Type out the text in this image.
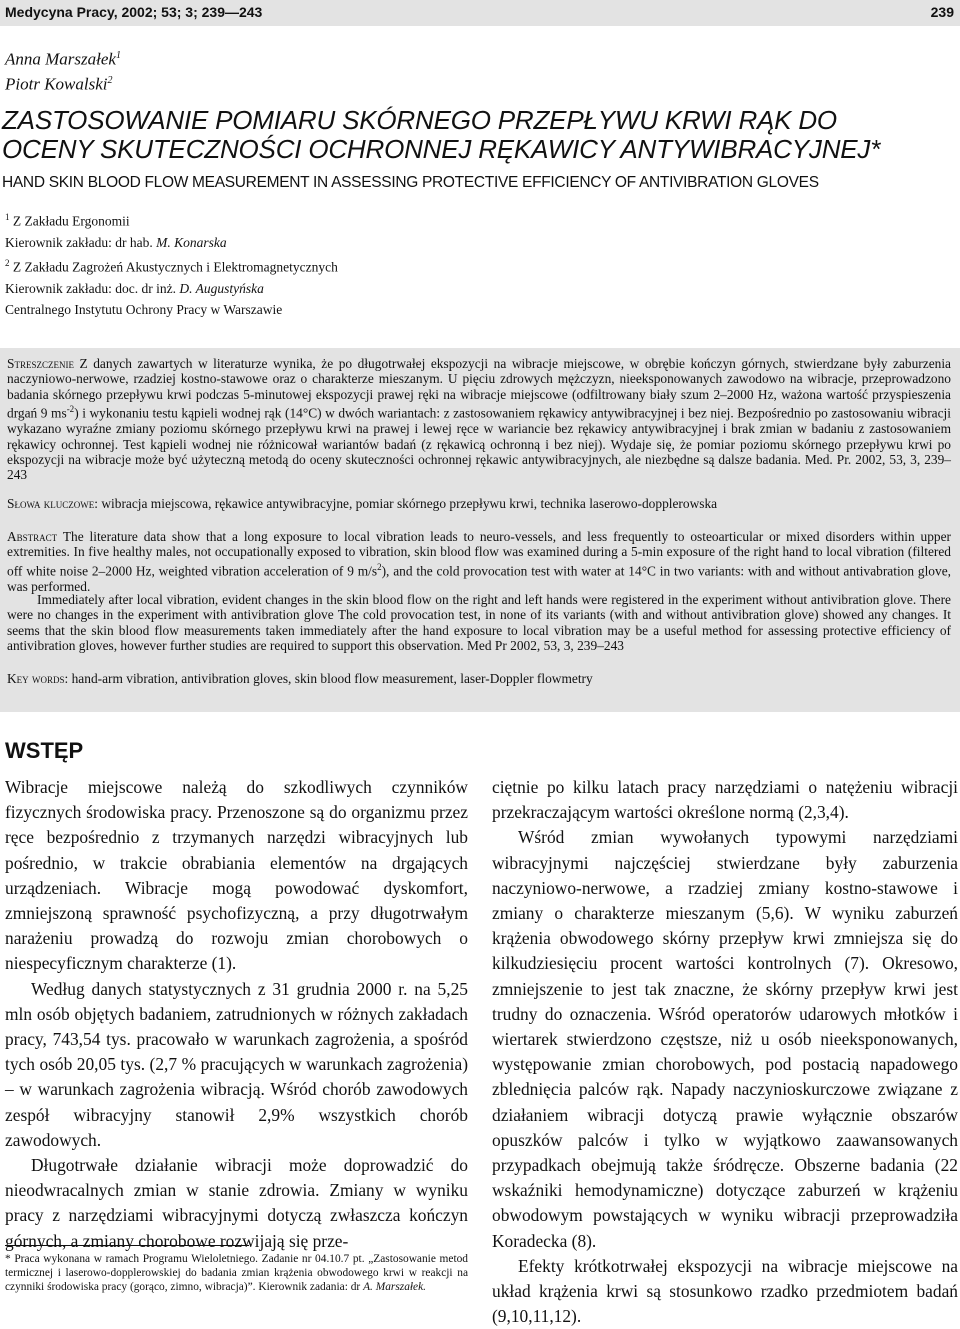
Medycyna Pracy, 2002; 53; 3; 239—243	239
Anna Marszałek$^1$
Piotr Kowalski$^2$
ZASTOSOWANIE POMIARU SKÓRNEGO PRZEPŁYWU KRWI RĄK DO
OCENY SKUTECZNOŚCI OCHRONNEJ RĘKAWICY ANTYWIBRACYJNEJ*
HAND SKIN BLOOD FLOW MEASUREMENT IN ASSESSING PROTECTIVE EFFICIENCY OF ANTIVIBRATION GLOVES
$^1$ Z Zakładu Ergonomii
Kierownik zakładu: dr hab. M. Konarska
$^2$ Z Zakładu Zagrożeń Akustycznych i Elektromagnetycznych
Kierownik zakładu: doc. dr inż. D. Augustyńska
Centralnego Instytutu Ochrony Pracy w Warszawie

Streszczenie Z danych zawartych w literaturze wynika, że po długotrwałej ekspozycji na wibracje miejscowe, w obrębie kończyn górnych, stwierdzane były zaburzenia naczyniowo-nerwowe, rzadziej kostno-stawowe oraz o charakterze mieszanym. U pięciu zdrowych mężczyzn, nieeksponowanych zawodowo na wibracje, przeprowadzono badania skórnego przepływu krwi podczas 5-minutowej ekspozycji prawej ręki na wibracje miejscowe (odfiltrowany biały szum 2–2000 Hz, ważona wartość przyspieszenia drgań 9 $ms^{-2}$) i wykonaniu testu kąpieli wodnej rąk (14°C) w dwóch wariantach: z zastosowaniem rękawicy antywibracyjnej i bez niej. Bezpośrednio po zastosowaniu wibracji wykazano wyraźne zmiany poziomu skórnego przepływu krwi na prawej i lewej ręce w wariancie bez rękawicy antywibracyjnej i brak zmian w badaniu z zastosowaniem rękawicy ochronnej. Test kąpieli wodnej nie różnicował wariantów badań (z rękawicą ochronną i bez niej). Wydaje się, że pomiar poziomu skórnego przepływu krwi po ekspozycji na wibracje może być użyteczną metodą do oceny skuteczności ochronnej rękawic antywibracyjnych, ale niezbędne są dalsze badania. Med. Pr. 2002, 53, 3, 239–243

Słowa kluczowe: wibracja miejscowa, rękawice antywibracyjne, pomiar skórnego przepływu krwi, technika laserowo-dopplerowska

Abstract The literature data show that a long exposure to local vibration leads to neuro-vessels, and less frequently to osteoarticular or mixed disorders within upper extremities. In five healthy males, not occupationally exposed to vibration, skin blood flow was examined during a 5-min exposure of the right hand to local vibration (filtered off white noise 2–2000 Hz, weighted vibration acceleration of 9 $m/s^2$), and the cold provocation test with water at 14°C in two variants: with and without antivabration glove, was performed.

Immediately after local vibration, evident changes in the skin blood flow on the right and left hands were registered in the experiment without antivibration glove. There were no changes in the experiment with antivibration glove The cold provocation test, in none of its variants (with and without antivibration glove) showed any changes. It seems that the skin blood flow measurements taken immediately after the hand exposure to local vibration may be a useful method for assessing protective efficiency of antivibration gloves, however further studies are required to support this observation. Med Pr 2002, 53, 3, 239–243

Key words: hand-arm vibration, antivibration gloves, skin blood flow measurement, laser-Doppler flowmetry

WSTĘP

Wibracje miejscowe należą do szkodliwych czynników fizycznych środowiska pracy. Przenoszone są do organizmu przez ręce bezpośrednio z trzymanych narzędzi wibracyjnych lub pośrednio, w trakcie obrabiania elementów na drgających urządzeniach. Wibracje mogą powodować dyskomfort, zmniejszoną sprawność psychofizyczną, a przy długotrwałym narażeniu prowadzą do rozwoju zmian chorobowych o niespecyficznym charakterze (1).

Według danych statystycznych z 31 grudnia 2000 r. na 5,25 mln osób objętych badaniem, zatrudnionych w różnych zakładach pracy, 743,54 tys. pracowało w warunkach zagrożenia, a spośród tych osób 20,05 tys. (2,7 % pracujących w warunkach zagrożenia) – w warunkach zagrożenia wibracją. Wśród chorób zawodowych zespół wibracyjny stanowił 2,9% wszystkich chorób zawodowych.

Długotrwałe działanie wibracji może doprowadzić do nieodwracalnych zmian w stanie zdrowia. Zmiany w wyniku pracy z narzędziami wibracyjnymi dotyczą zwłaszcza kończyn górnych, a zmiany chorobowe rozwijają się prze-

ciętnie po kilku latach pracy narzędziami o natężeniu wibracji przekraczającym wartości określone normą (2,3,4).

Wśród zmian wywołanych typowymi narzędziami wibracyjnymi najczęściej stwierdzane były zaburzenia naczyniowo-nerwowe, a rzadziej zmiany kostno-stawowe i zmiany o charakterze mieszanym (5,6). W wyniku zaburzeń krążenia obwodowego skórny przepływ krwi zmniejsza się do kilkudziesięciu procent wartości kontrolnych (7). Okresowo, zmniejszenie to jest tak znaczne, że skórny przepływ krwi jest trudny do oznaczenia. Wśród operatorów udarowych młotków i wiertarek stwierdzono częstsze, niż u osób nieeksponowanych, występowanie zmian chorobowych, pod postacią napadowego zblednięcia palców rąk. Napady naczynioskurczowe związane z działaniem wibracji dotyczą prawie wyłącznie obszarów opuszków palców i tylko w wyjątkowo zaawansowanych przypadkach obejmują także śródręcze. Obszerne badania (22 wskaźniki hemodynamiczne) dotyczące zaburzeń w krążeniu obwodowym powstających w wyniku wibracji przeprowadziła Koradecka (8).

Efekty krótkotrwałej ekspozycji na wibracje miejscowe na układ krążenia krwi są stosunkowo rzadko przedmiotem badań (9,10,11,12).

* Praca wykonana w ramach Programu Wieloletniego. Zadanie nr 04.10.7 pt. „Zastosowanie metod termicznej i laserowo-dopplerowskiej do badania zmian krążenia obwodowego krwi w reakcji na czynniki środowiska pracy (gorąco, zimno, wibracja)”. Kierownik zadania: dr A. Marszałek.
